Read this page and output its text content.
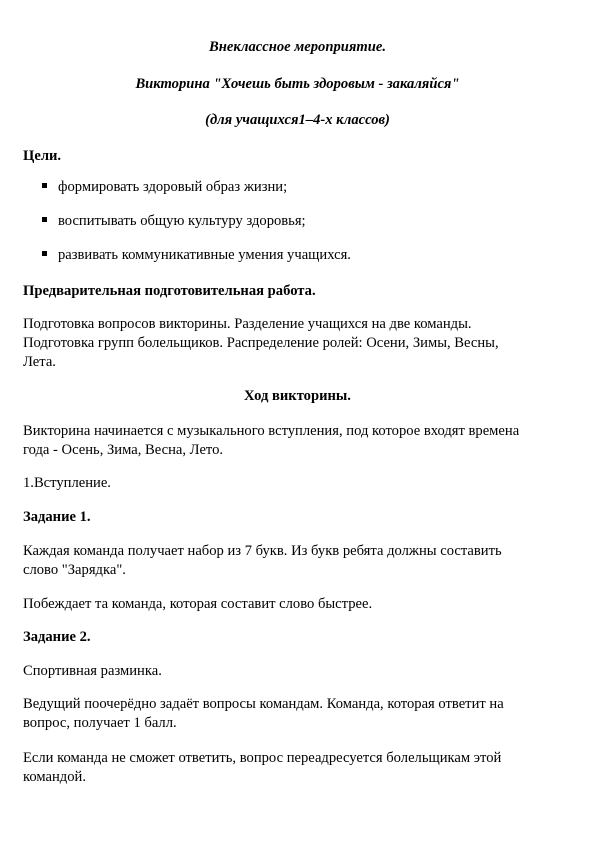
Внеклассное мероприятие.
Викторина "Хочешь быть здоровым - закаляйся"
(для учащихся1–4-х классов)
Цели.
формировать здоровый образ жизни;
воспитывать общую культуру здоровья;
развивать коммуникативные умения учащихся.
Предварительная подготовительная работа.
Подготовка вопросов викторины. Разделение учащихся на две команды.
Подготовка групп болельщиков. Распределение ролей: Осени, Зимы, Весны,
Лета.
Ход викторины.
Викторина начинается с музыкального вступления, под которое входят времена
года - Осень, Зима, Весна, Лето.
1.Вступление.
Задание 1.
Каждая команда получает набор из 7 букв. Из букв ребята должны составить
слово "Зарядка".
Побеждает та команда, которая составит слово быстрее.
Задание 2.
Спортивная разминка.
Ведущий поочерёдно задаёт вопросы командам. Команда, которая ответит на
вопрос, получает 1 балл.
Если команда не сможет ответить, вопрос переадресуется болельщикам этой
командой.
